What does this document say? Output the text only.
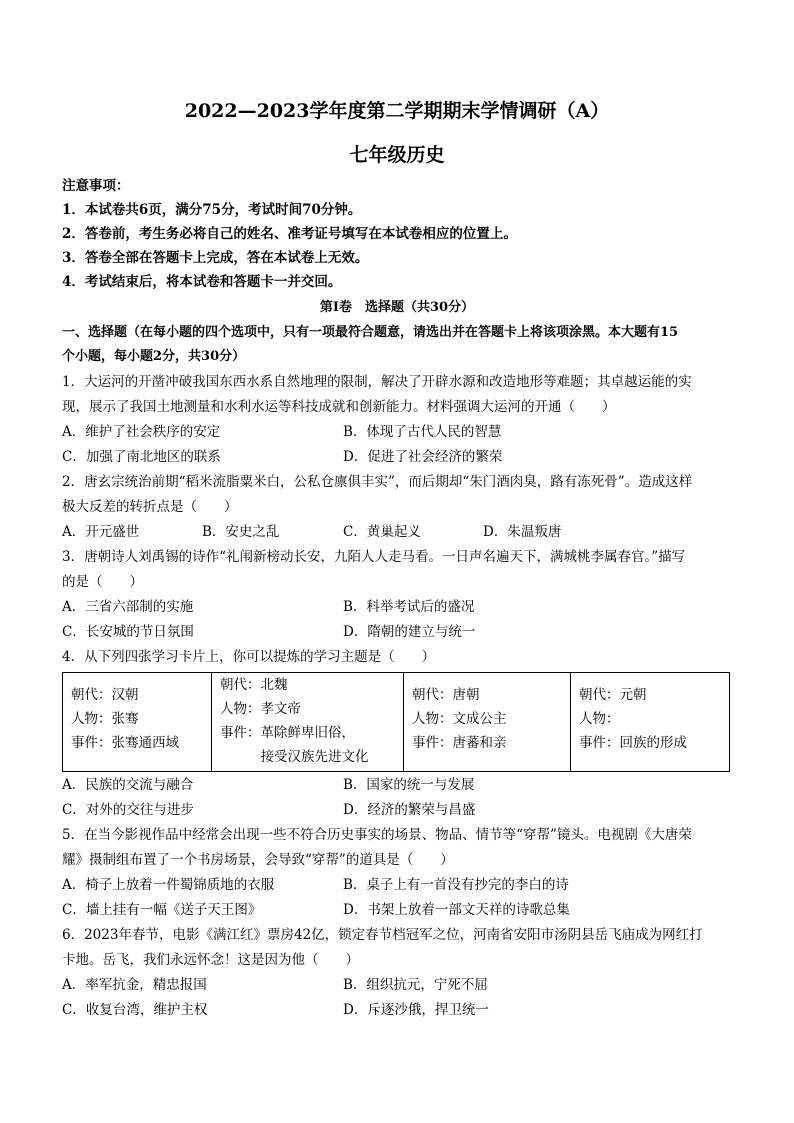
2022—2023学年度第二学期期末学情调研（A）
七年级历史
注意事项：
1．本试卷共6页，满分75分，考试时间70分钟。
2．答卷前，考生务必将自己的姓名、准考证号填写在本试卷相应的位置上。
3．答卷全部在答题卡上完成，答在本试卷上无效。
4．考试结束后，将本试卷和答题卡一并交回。
第Ⅰ卷　选择题（共30分）
一、选择题（在每小题的四个选项中，只有一项最符合题意，请选出并在答题卡上将该项涂黑。本大题有15
个小题，每小题2分，共30分）
1．大运河的开凿冲破我国东西水系自然地理的限制，解决了开辟水源和改造地形等难题；其卓越运能的实
现，展示了我国土地测量和水利水运等科技成就和创新能力。材料强调大运河的开通（　　）
A．维护了社会秩序的安定	B．体现了古代人民的智慧
C．加强了南北地区的联系	D．促进了社会经济的繁荣
2．唐玄宗统治前期“稻米流脂粟米白，公私仓廪俱丰实”，而后期却“朱门酒肉臭，路有冻死骨”。造成这样
极大反差的转折点是（　　）
A．开元盛世	B．安史之乱	C．黄巢起义	D．朱温叛唐
3．唐朝诗人刘禹锡的诗作“礼闱新榜动长安，九陌人人走马看。一日声名遍天下，满城桃李属春官。”描写
的是（　　）
A．三省六部制的实施	B．科举考试后的盛况
C．长安城的节日氛围	D．隋朝的建立与统一
4．从下列四张学习卡片上，你可以提炼的学习主题是（　　）
朝代：汉朝
人物：张骞
事件：张骞通西域

朝代：北魏
人物：孝文帝
事件：革除鲜卑旧俗，
　　　接受汉族先进文化

朝代：唐朝
人物：文成公主
事件：唐蕃和亲

朝代：元朝
人物：
事件：回族的形成
A．民族的交流与融合	B．国家的统一与发展
C．对外的交往与进步	D．经济的繁荣与昌盛
5．在当今影视作品中经常会出现一些不符合历史事实的场景、物品、情节等“穿帮”镜头。电视剧《大唐荣
耀》摄制组布置了一个书房场景，会导致“穿帮”的道具是（　　）
A．椅子上放着一件蜀锦质地的衣服	B．桌子上有一首没有抄完的李白的诗
C．墙上挂有一幅《送子天王图》	D．书架上放着一部文天祥的诗歌总集
6．2023年春节，电影《满江红》票房42亿，锁定春节档冠军之位，河南省安阳市汤阴县岳飞庙成为网红打
卡地。岳飞，我们永远怀念！这是因为他（　　）
A．率军抗金，精忠报国	B．组织抗元，宁死不屈
C．收复台湾，维护主权	D．斥逐沙俄，捍卫统一
